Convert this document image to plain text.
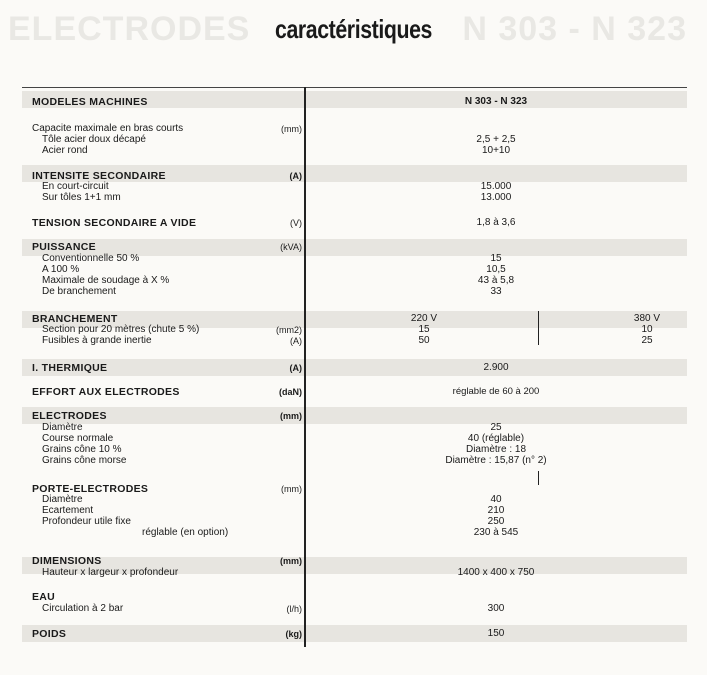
ELECTRODES	N 303 - N 323
caractéristiques
MODELES MACHINES	N 303 - N 323
Capacite maximale en bras courts	(mm)
Tôle acier doux décapé	2,5 + 2,5
Acier rond	10+10
INTENSITE SECONDAIRE	(A)
En court-circuit	15.000
Sur tôles 1+1 mm	13.000
TENSION SECONDAIRE A VIDE	(V)	1,8 à 3,6
PUISSANCE	(kVA)
Conventionnelle 50 %	15
A 100 %	10,5
Maximale de soudage à X %	43 à 5,8
De branchement	33
BRANCHEMENT	220 V	380 V
Section pour 20 mètres (chute 5 %)	(mm2)	15	10
Fusibles à grande inertie	(A)	50	25
I. THERMIQUE	(A)	2.900
EFFORT AUX ELECTRODES	(daN)	réglable de 60 à 200
ELECTRODES	(mm)
Diamètre	25
Course normale	40 (réglable)
Grains cône 10 %	Diamètre : 18
Grains cône morse	Diamètre : 15,87 (n° 2)
PORTE-ELECTRODES	(mm)
Diamètre	40
Ecartement	210
Profondeur utile fixe	250
réglable (en option)	230 à 545
DIMENSIONS	(mm)
Hauteur x largeur x profondeur	1400 x 400 x 750
EAU
Circulation à 2 bar	(l/h)	300
POIDS	(kg)	150
